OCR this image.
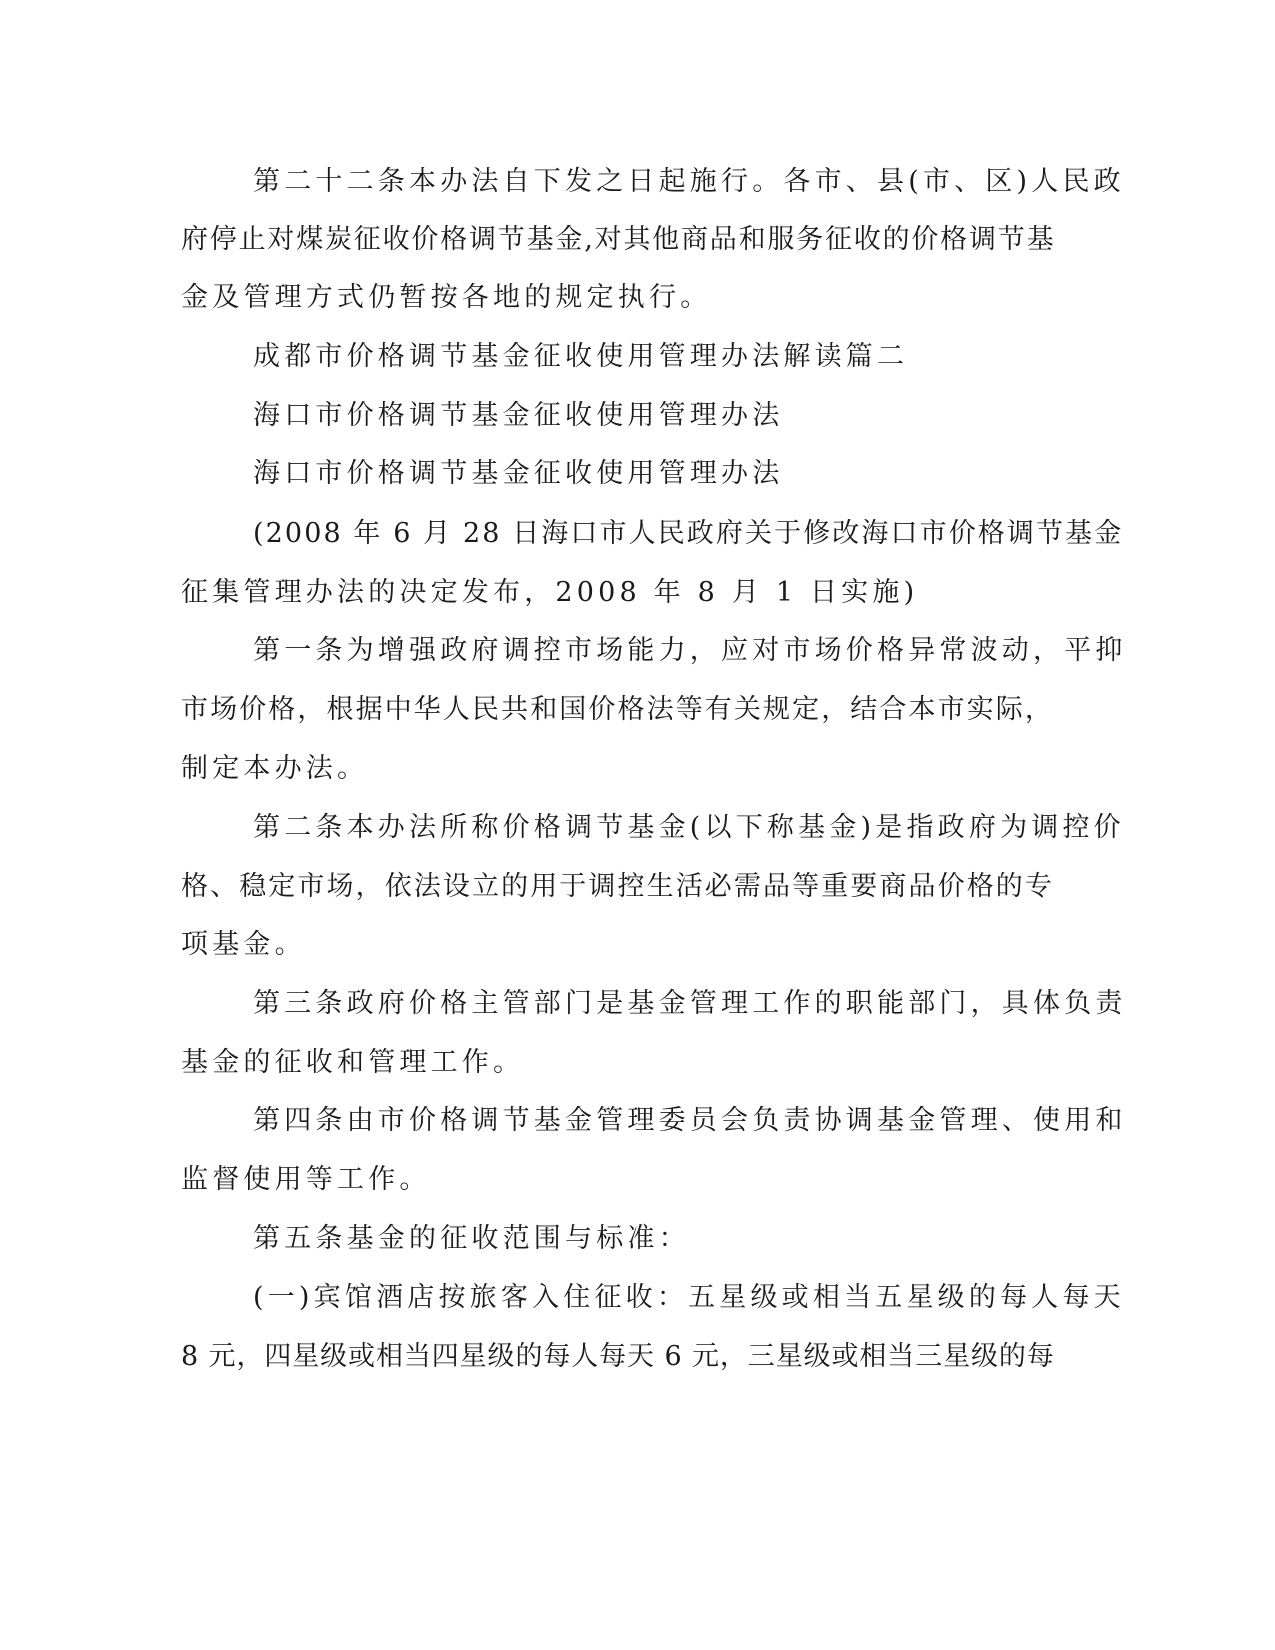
第二十二条本办法自下发之日起施行。各市、县(市、区)人民政
府停止对煤炭征收价格调节基金,对其他商品和服务征收的价格调节基
金及管理方式仍暂按各地的规定执行。
成都市价格调节基金征收使用管理办法解读篇二
海口市价格调节基金征收使用管理办法
海口市价格调节基金征收使用管理办法
(2008 年 6 月 28 日海口市人民政府关于修改海口市价格调节基金
征集管理办法的决定发布，2008 年 8 月 1 日实施)
第一条为增强政府调控市场能力，应对市场价格异常波动，平抑
市场价格，根据中华人民共和国价格法等有关规定，结合本市实际，
制定本办法。
第二条本办法所称价格调节基金(以下称基金)是指政府为调控价
格、稳定市场，依法设立的用于调控生活必需品等重要商品价格的专
项基金。
第三条政府价格主管部门是基金管理工作的职能部门，具体负责
基金的征收和管理工作。
第四条由市价格调节基金管理委员会负责协调基金管理、使用和
监督使用等工作。
第五条基金的征收范围与标准：
(一)宾馆酒店按旅客入住征收：五星级或相当五星级的每人每天
8 元，四星级或相当四星级的每人每天 6 元，三星级或相当三星级的每
